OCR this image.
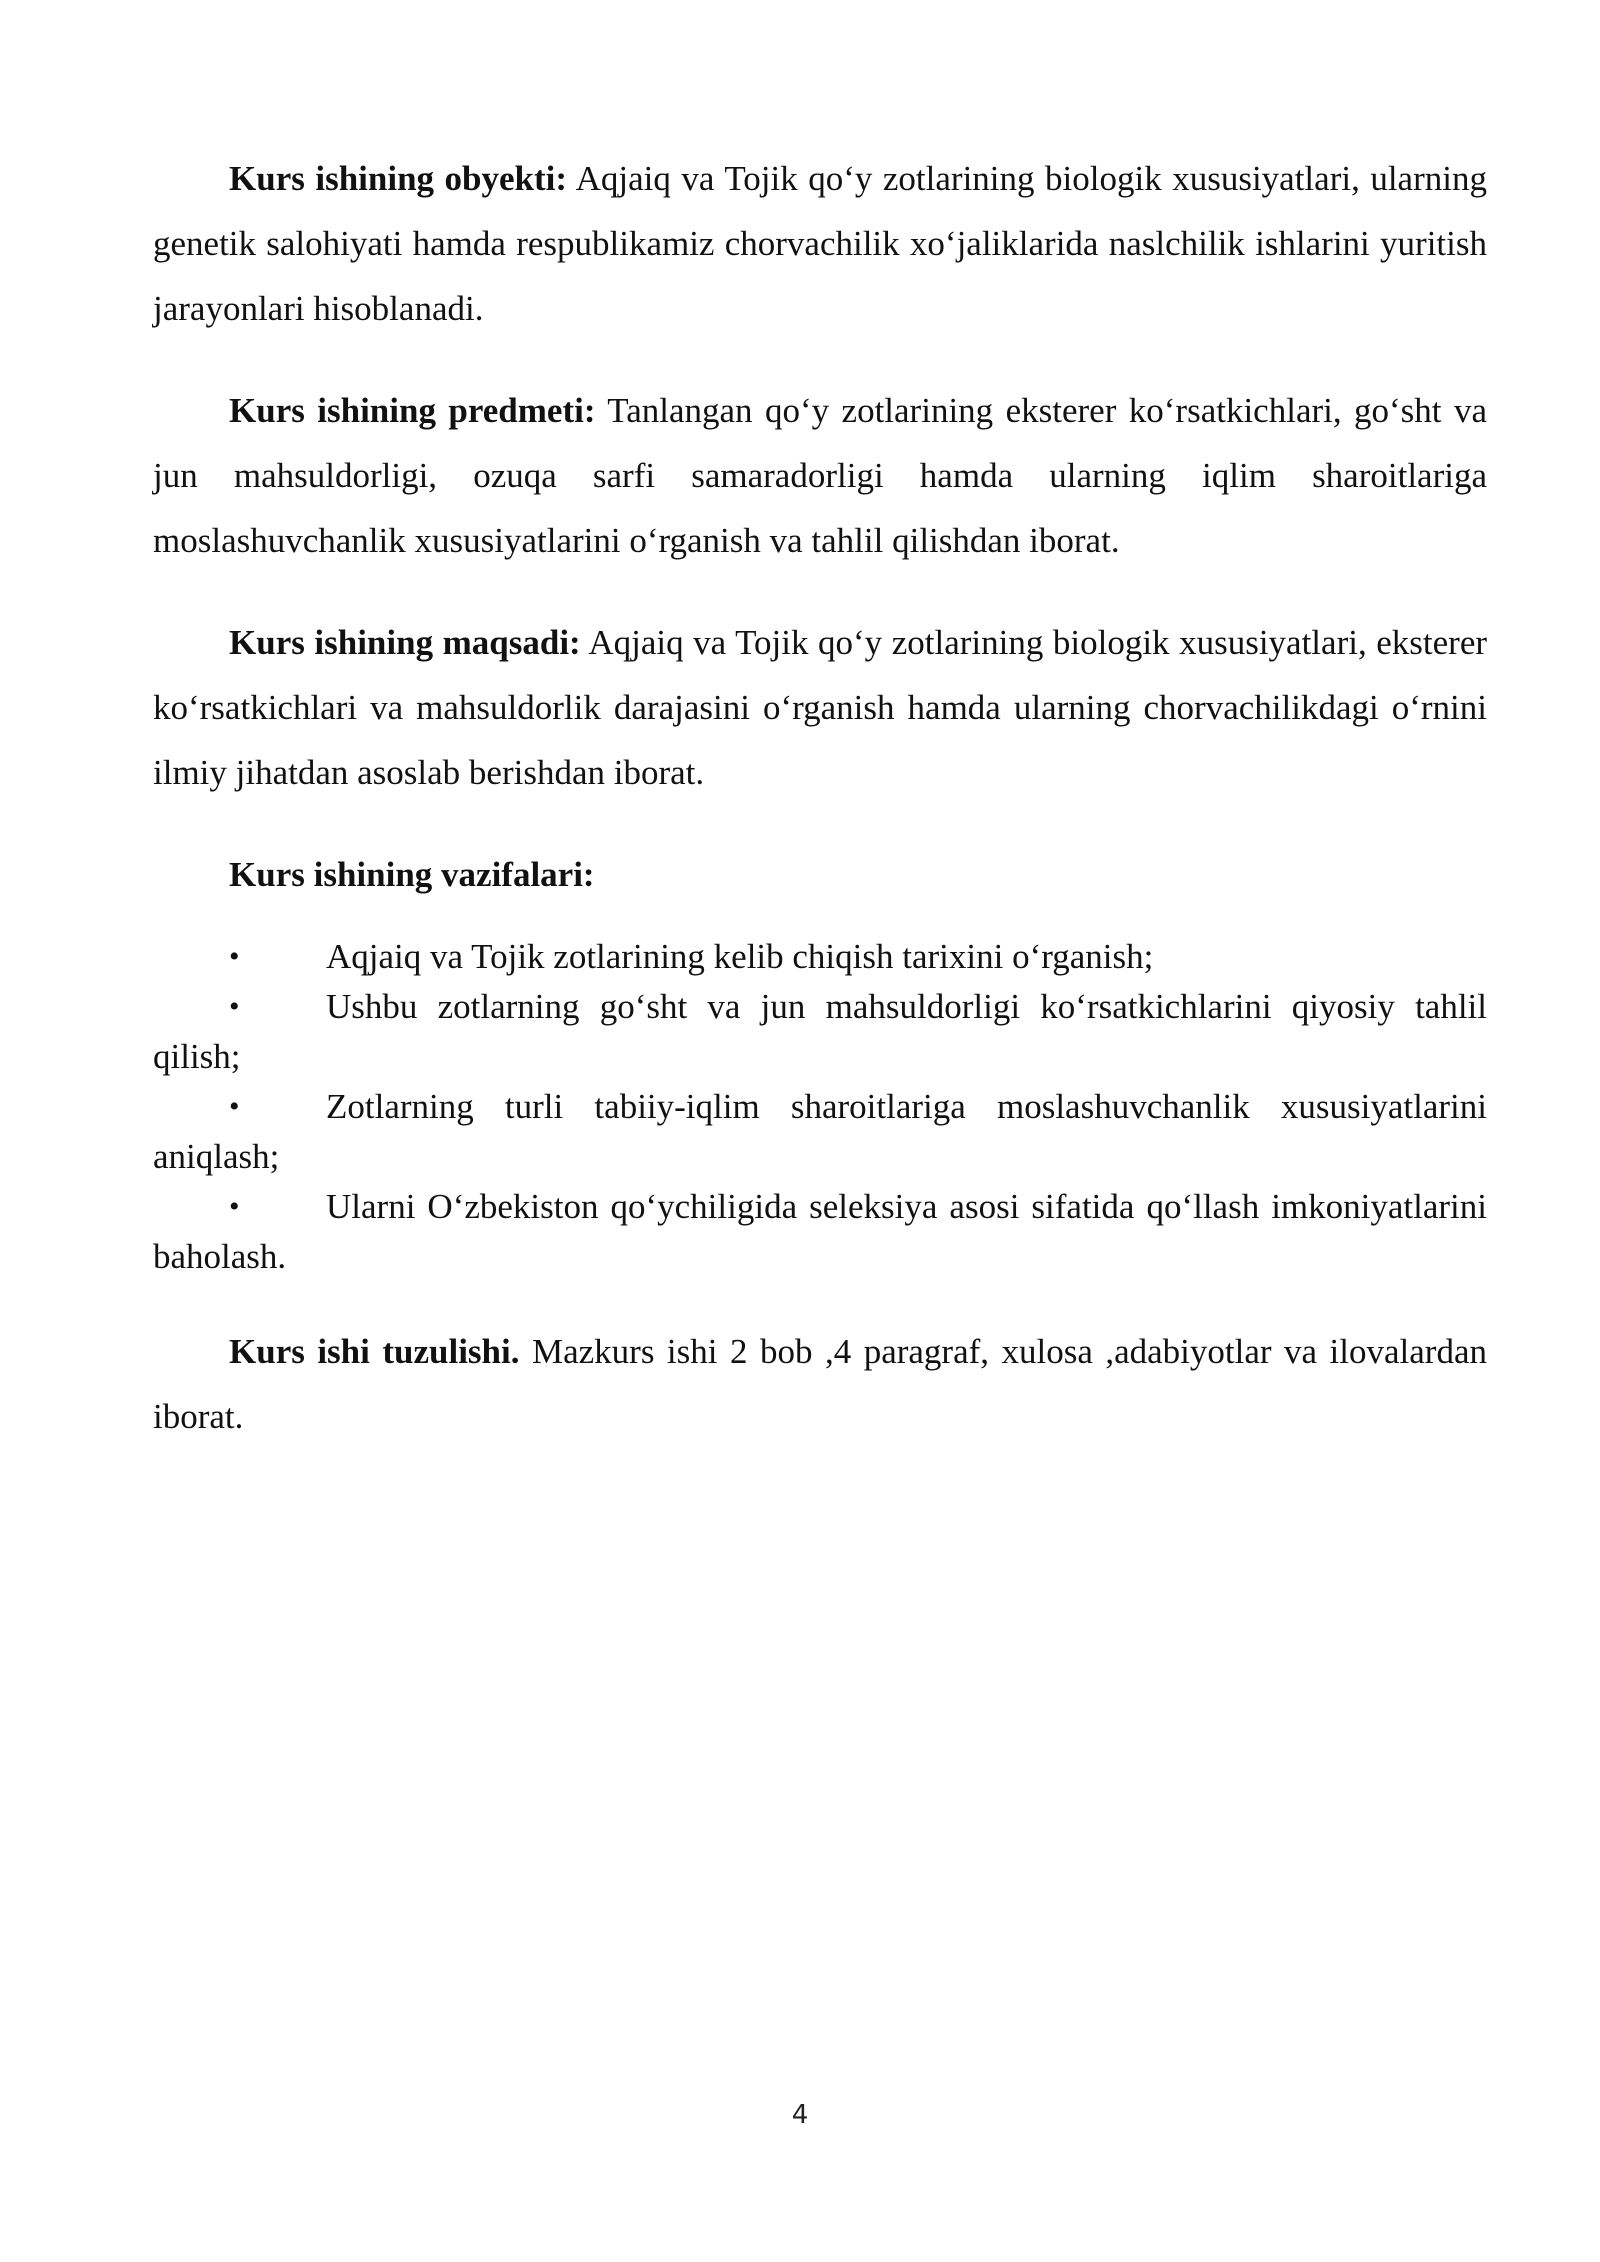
Kurs ishining obyekti: Aqjaiq va Tojik qo‘y zotlarining biologik xususiyatlari, ularning genetik salohiyati hamda respublikamiz chorvachilik xo‘jaliklarida naslchilik ishlarini yuritish jarayonlari hisoblanadi.

Kurs ishining predmeti: Tanlangan qo‘y zotlarining eksterer ko‘rsatkichlari, go‘sht va jun mahsuldorligi, ozuqa sarfi samaradorligi hamda ularning iqlim sharoitlariga moslashuvchanlik xususiyatlarini o‘rganish va tahlil qilishdan iborat.

Kurs ishining maqsadi: Aqjaiq va Tojik qo‘y zotlarining biologik xususiyatlari, eksterer ko‘rsatkichlari va mahsuldorlik darajasini o‘rganish hamda ularning chorvachilikdagi o‘rnini ilmiy jihatdan asoslab berishdan iborat.

Kurs ishining vazifalari:

• Aqjaiq va Tojik zotlarining kelib chiqish tarixini o‘rganish;
• Ushbu zotlarning go‘sht va jun mahsuldorligi ko‘rsatkichlarini qiyosiy tahlil qilish;
• Zotlarning turli tabiiy-iqlim sharoitlariga moslashuvchanlik xususiyatlarini aniqlash;
• Ularni O‘zbekiston qo‘ychiligida seleksiya asosi sifatida qo‘llash imkoniyatlarini baholash.

Kurs ishi tuzulishi. Mazkurs ishi 2 bob ,4 paragraf, xulosa ,adabiyotlar va ilovalardan iborat.

4
